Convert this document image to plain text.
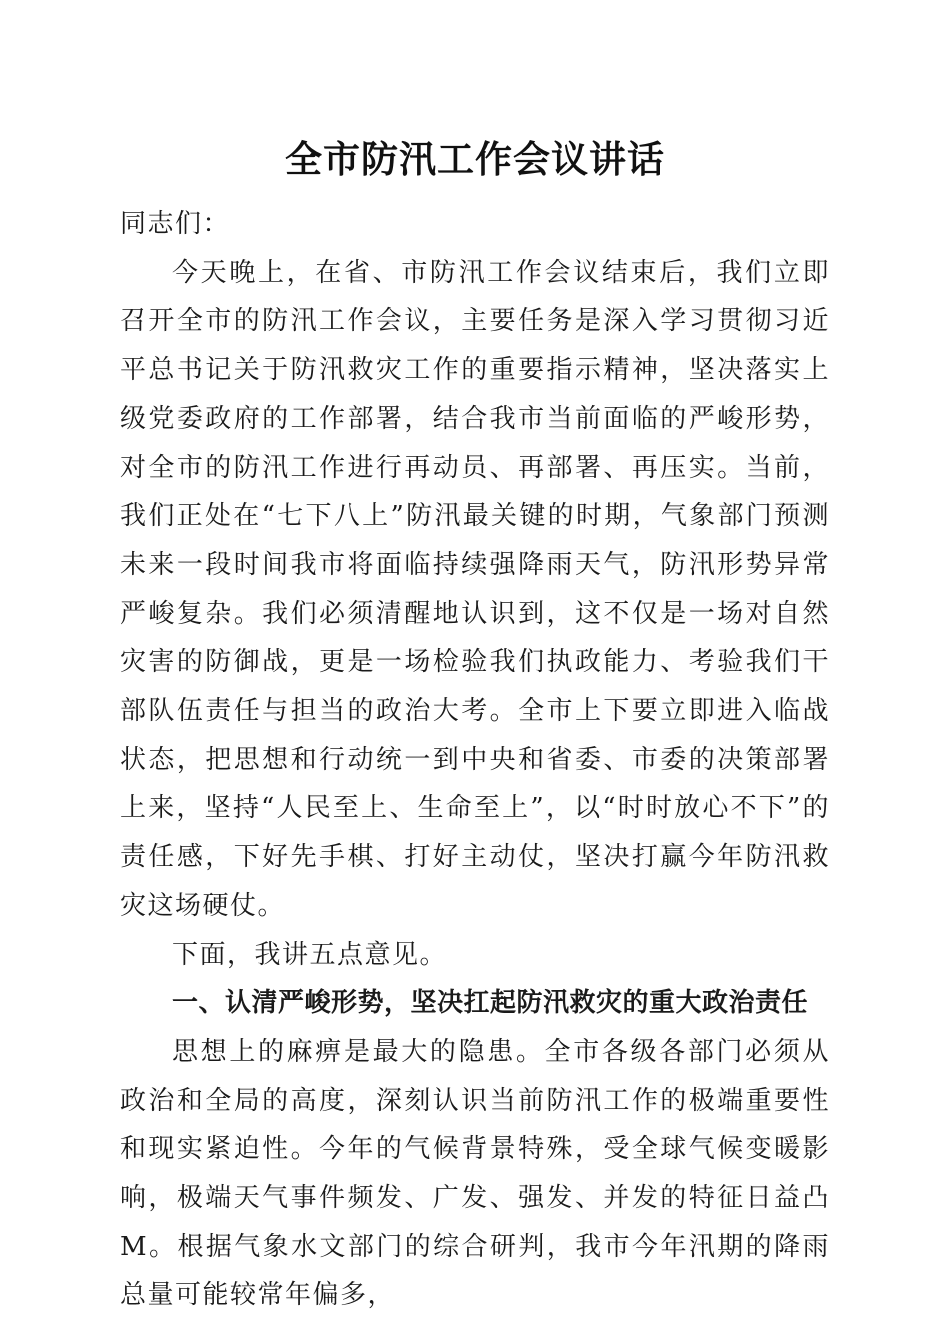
全市防汛工作会议讲话

同志们：

今天晚上，在省、市防汛工作会议结束后，我们立即召开全市的防汛工作会议，主要任务是深入学习贯彻习近平总书记关于防汛救灾工作的重要指示精神，坚决落实上级党委政府的工作部署，结合我市当前面临的严峻形势，对全市的防汛工作进行再动员、再部署、再压实。当前，我们正处在“七下八上”防汛最关键的时期，气象部门预测未来一段时间我市将面临持续强降雨天气，防汛形势异常严峻复杂。我们必须清醒地认识到，这不仅是一场对自然灾害的防御战，更是一场检验我们执政能力、考验我们干部队伍责任与担当的政治大考。全市上下要立即进入临战状态，把思想和行动统一到中央和省委、市委的决策部署上来，坚持“人民至上、生命至上”，以“时时放心不下”的责任感，下好先手棋、打好主动仗，坚决打赢今年防汛救灾这场硬仗。

下面，我讲五点意见。

一、认清严峻形势，坚决扛起防汛救灾的重大政治责任

思想上的麻痹是最大的隐患。全市各级各部门必须从政治和全局的高度，深刻认识当前防汛工作的极端重要性和现实紧迫性。今年的气候背景特殊，受全球气候变暖影响，极端天气事件频发、广发、强发、并发的特征日益凸M。根据气象水文部门的综合研判，我市今年汛期的降雨总量可能较常年偏多，
